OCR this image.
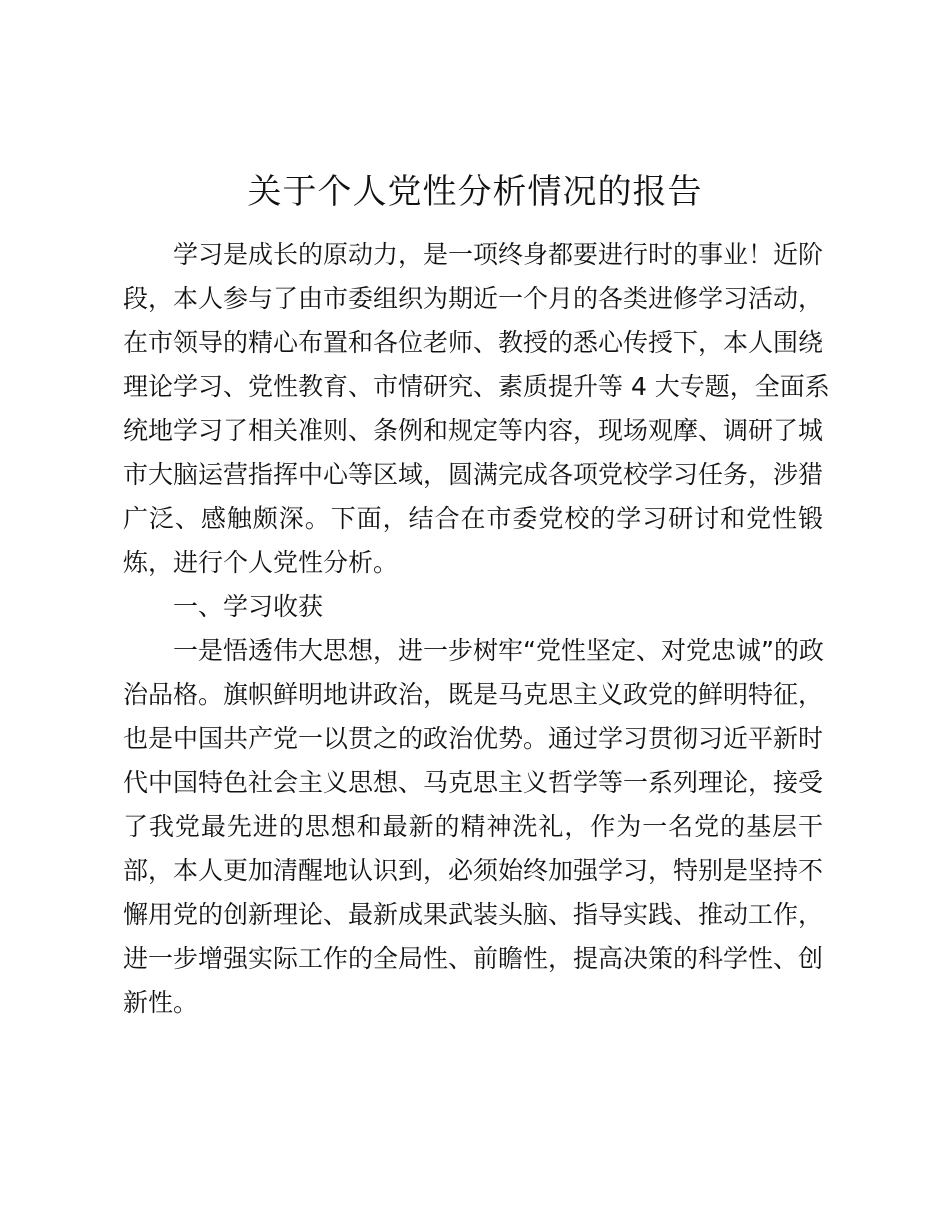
关于个人党性分析情况的报告
学习是成长的原动力，是一项终身都要进行时的事业！近阶
段，本人参与了由市委组织为期近一个月的各类进修学习活动，
在市领导的精心布置和各位老师、教授的悉心传授下，本人围绕
理论学习、党性教育、市情研究、素质提升等 4 大专题，全面系
统地学习了相关准则、条例和规定等内容，现场观摩、调研了城
市大脑运营指挥中心等区域，圆满完成各项党校学习任务，涉猎
广泛、感触颇深。下面，结合在市委党校的学习研讨和党性锻
炼，进行个人党性分析。
一、学习收获
一是悟透伟大思想，进一步树牢“党性坚定、对党忠诚”的政
治品格。旗帜鲜明地讲政治，既是马克思主义政党的鲜明特征，
也是中国共产党一以贯之的政治优势。通过学习贯彻习近平新时
代中国特色社会主义思想、马克思主义哲学等一系列理论，接受
了我党最先进的思想和最新的精神洗礼，作为一名党的基层干
部，本人更加清醒地认识到，必须始终加强学习，特别是坚持不
懈用党的创新理论、最新成果武装头脑、指导实践、推动工作，
进一步增强实际工作的全局性、前瞻性，提高决策的科学性、创
新性。
